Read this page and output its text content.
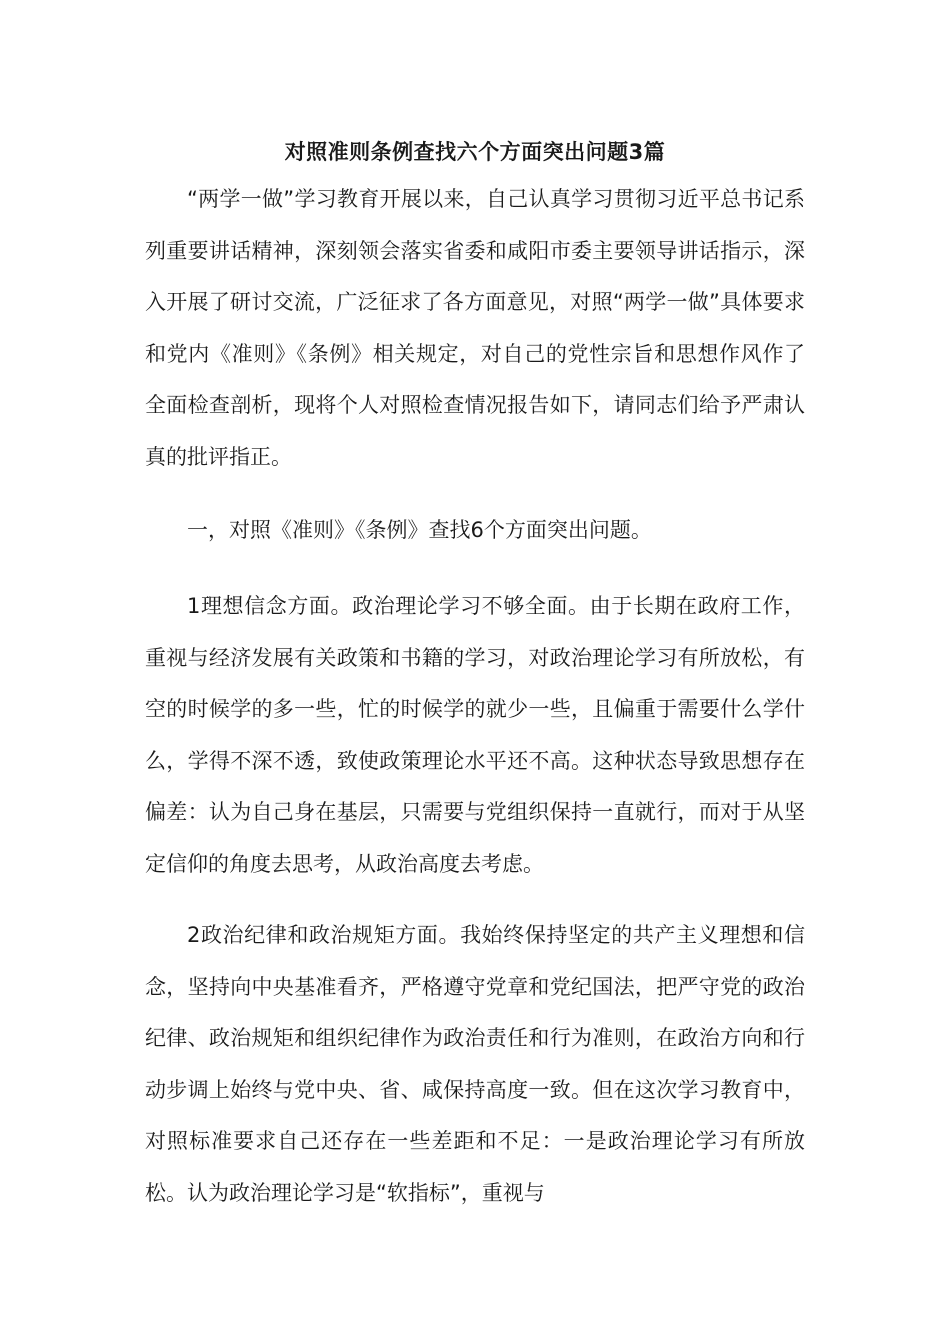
对照准则条例查找六个方面突出问题3篇

“两学一做”学习教育开展以来，自己认真学习贯彻习近平总书记系列重要讲话精神，深刻领会落实省委和咸阳市委主要领导讲话指示，深入开展了研讨交流，广泛征求了各方面意见，对照“两学一做”具体要求和党内《准则》《条例》相关规定，对自己的党性宗旨和思想作风作了全面检查剖析，现将个人对照检查情况报告如下，请同志们给予严肃认真的批评指正。

一，对照《准则》《条例》查找6个方面突出问题。

1理想信念方面。政治理论学习不够全面。由于长期在政府工作，重视与经济发展有关政策和书籍的学习，对政治理论学习有所放松，有空的时候学的多一些，忙的时候学的就少一些，且偏重于需要什么学什么，学得不深不透，致使政策理论水平还不高。这种状态导致思想存在偏差：认为自己身在基层，只需要与党组织保持一直就行，而对于从坚定信仰的角度去思考，从政治高度去考虑。

2政治纪律和政治规矩方面。我始终保持坚定的共产主义理想和信念，坚持向中央基准看齐，严格遵守党章和党纪国法，把严守党的政治纪律、政治规矩和组织纪律作为政治责任和行为准则，在政治方向和行动步调上始终与党中央、省、咸保持高度一致。但在这次学习教育中，对照标准要求自己还存在一些差距和不足：一是政治理论学习有所放松。认为政治理论学习是“软指标”，重视与
